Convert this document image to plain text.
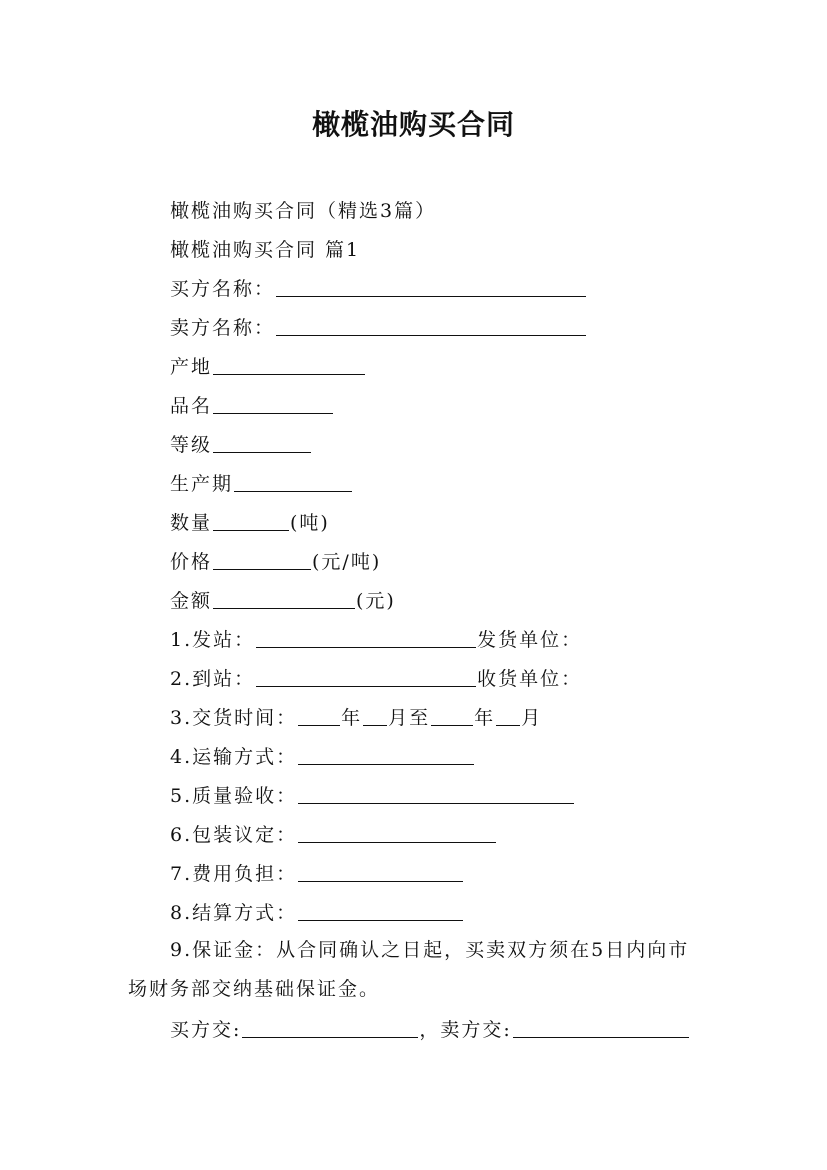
橄榄油购买合同
橄榄油购买合同（精选3篇）
橄榄油购买合同 篇1
买方名称：
卖方名称：
产地
品名
等级
生产期
数量	(吨)
价格	(元/吨)
金额	(元)
1.发站：	发货单位：
2.到站：	收货单位：
3.交货时间： 年 月至 年 月
4.运输方式：
5.质量验收：
6.包装议定：
7.费用负担：
8.结算方式：
9.保证金：从合同确认之日起，买卖双方须在5日内向市场财务部交纳基础保证金。
买方交:	，卖方交:
